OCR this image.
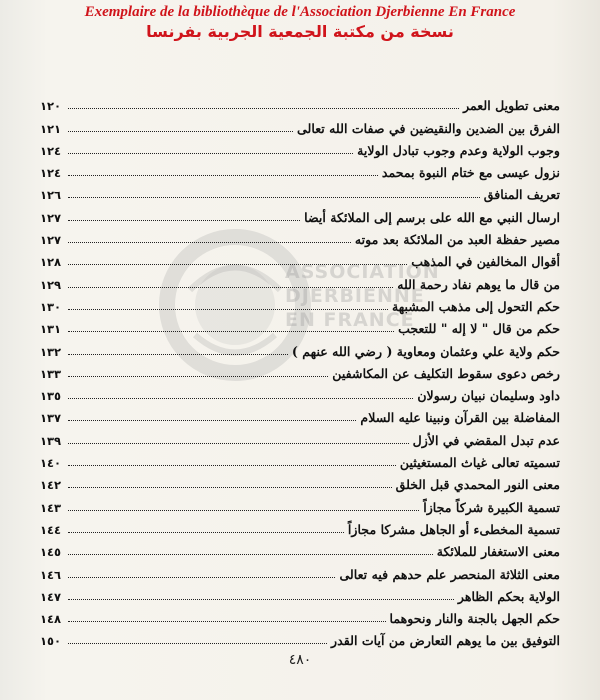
Exemplaire de la bibliothèque de l'Association Djerbienne En France
نسخة من مكتبة الجمعية الجربية بفرنسا
ASSOCIATION
DJERBIENNE
EN FRANCE
معنى تطويل العمر
١٢٠
الفرق بين الضدين والنقيضين في صفات الله تعالى
١٢١
وجوب الولاية وعدم وجوب تبادل الولاية
١٢٤
نزول عيسى مع ختام النبوة بمحمد
١٢٤
تعريف المنافق
١٢٦
ارسال النبي مع الله على برسم إلى الملائكة أيضا
١٢٧
مصير حفظة العبد من الملائكة بعد موته
١٢٧
أقوال المخالفين في المذهب
١٢٨
من قال ما يوهم نفاد رحمة الله
١٢٩
حكم التحول إلى مذهب المشبهة
١٣٠
حكم من قال " لا إله " للتعجب
١٣١
حكم ولاية علي وعثمان ومعاوية ( رضي الله عنهم )
١٣٢
رخص دعوى سقوط التكليف عن المكاشفين
١٣٣
داود وسليمان نبيان رسولان
١٣٥
المفاضلة بين القرآن ونبينا عليه السلام
١٣٧
عدم تبدل المقضي في الأزل
١٣٩
تسميته تعالى غياث المستغيثين
١٤٠
معنى النور المحمدي قبل الخلق
١٤٢
تسمية الكبيرة شركاً مجازاً
١٤٣
تسمية المخطىء أو الجاهل مشركا مجازاً
١٤٤
معنى الاستغفار للملائكة
١٤٥
معنى الثلاثة المنحصر علم حدهم فيه تعالى
١٤٦
الولاية بحكم الظاهر
١٤٧
حكم الجهل بالجنة والنار ونحوهما
١٤٨
التوفيق بين ما يوهم التعارض من آيات القدر
١٥٠
٤٨٠
